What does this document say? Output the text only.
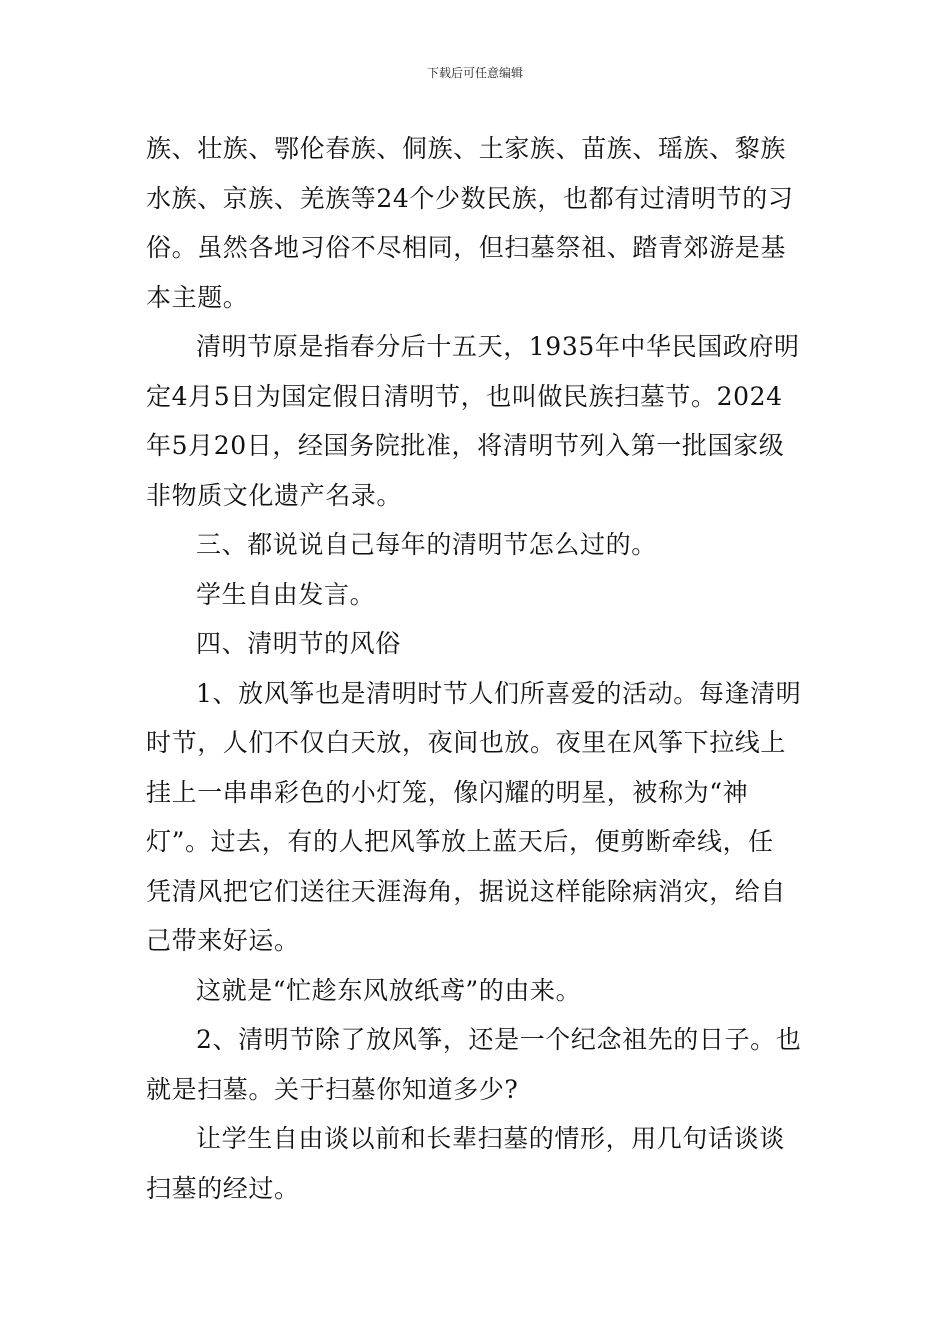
下载后可任意编辑
族、壮族、鄂伦春族、侗族、土家族、苗族、瑶族、黎族
水族、京族、羌族等24个少数民族，也都有过清明节的习
俗。虽然各地习俗不尽相同，但扫墓祭祖、踏青郊游是基
本主题。
清明节原是指春分后十五天，1935年中华民国政府明
定4月5日为国定假日清明节，也叫做民族扫墓节。2024
年5月20日，经国务院批准，将清明节列入第一批国家级
非物质文化遗产名录。
三、都说说自己每年的清明节怎么过的。
学生自由发言。
四、清明节的风俗
1、放风筝也是清明时节人们所喜爱的活动。每逢清明
时节，人们不仅白天放，夜间也放。夜里在风筝下拉线上
挂上一串串彩色的小灯笼，像闪耀的明星，被称为“神
灯”。过去，有的人把风筝放上蓝天后，便剪断牵线，任
凭清风把它们送往天涯海角，据说这样能除病消灾，给自
己带来好运。
这就是“忙趁东风放纸鸢”的由来。
2、清明节除了放风筝，还是一个纪念祖先的日子。也
就是扫墓。关于扫墓你知道多少?
让学生自由谈以前和长辈扫墓的情形，用几句话谈谈
扫墓的经过。
